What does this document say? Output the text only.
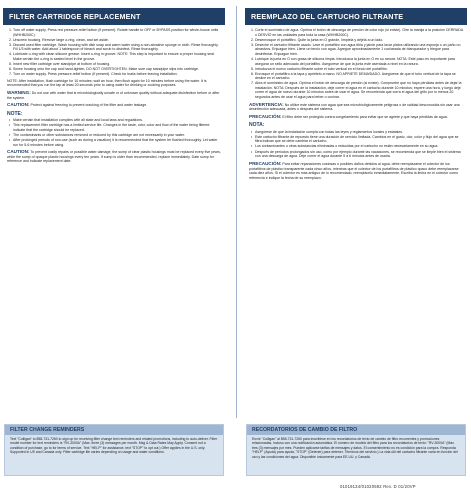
FILTER CARTRIDGE REPLACEMENT
1. Turn off water supply. Press red pressure-relief button (if present). Rotate handle to OFF or BYPASS position for whole-house units (WHHB200C).
2. Unscrew housing. Remove large o-ring, clean, and set aside.
3. Discard used filter cartridge. Wash housing with dish soap and warm water using a non-abrasive sponge or cloth. Rinse thoroughly. Fill 1/3 with water. Add about 1 tablespoon of bleach and scrub to disinfect. Rinse thoroughly.
4. Lubricate o-ring with clean silicone grease. Insert o-ring in groove. NOTE: This step is important to ensure a proper housing seal. Make certain the o-ring is seated level in the groove.
5. Insert new filter cartridge over standpipe at bottom of housing.
6. Screw housing onto the cap and hand-tighten. DO NOT OVERTIGHTEN. Make sure cap standpipe slips into cartridge.
7. Turn on water supply. Press pressure-relief button (if present). Check for leaks before leaving installation.

NOTE: After installation, flush cartridge for 10 minutes; wait an hour, then flush again for 10 minutes before using the water. It is recommended that you run the tap at least 20 seconds prior to using water for drinking or cooking purposes.

WARNING: Do not use with water that is microbiologically unsafe or of unknown quality without adequate disinfection before or after the system.

CAUTION: Protect against freezing to prevent cracking of the filter and water leakage.

NOTE:
• Make certain that installation complies with all state and local laws and regulations.
• This replacement filter cartridge has a limited service life. Changes in the taste, odor, color and flow of the water being filtered indicate that the cartridge should be replaced.
• The contaminants or other substances removed or reduced by this cartridge are not necessarily in your water.
• After prolonged periods of non-use (such as during a vacation) it is recommended that the system be flushed thoroughly. Let water run for 5-6 minutes before using.

CAUTION: To prevent costly repairs or possible water damage, the sump of clear plastic housings must be replaced every five years, while the sump of opaque plastic housings every ten years. If sump is older than recommended, replace immediately. Date sump for reference and indicate replacement date.

REEMPLAZO DEL CARTUCHO FILTRANTE
1. Corte el suministro de agua. Oprima el botón de descarga de presión de color rojo (si existe). Gire la manija a la posición CERRADA o DESVÍO en las unidades para toda la casa (WHHB200C).
2. Desenrosque el portafiltro. Quite la junta en O grande, límpiela y déjela a un lado.
3. Deseche el cartucho filtrante usado. Lave el portafiltro con agua tibia y jabón para lavar platos utilizando una esponja o un paño no abrasivos. Enjuague bien. Llene un tercio con agua. Agregue aproximadamente 1 cucharada de blanqueador y friegue para desinfectar. Enjuague bien.
4. Lubrique la junta en O con grasa de silicona limpia. Introduzca la junta en O en su ranura. NOTA: Este paso es importante para asegurar un sello adecuado del portafiltro. Asegúrese de que la junta esté asentada a nivel en la ranura.
5. Introduzca el nuevo cartucho filtrante sobre el tubo vertical en el fondo del portafiltro.
6. Enrosque el portafiltro a la tapa y apriételo a mano. NO APRIETE DEMASIADO. Asegúrese de que el tubo vertical de la tapa se deslice en el cartucho.
7. Abra el suministro de agua. Oprima el botón de descarga de presión (si existe). Compruebe que no haya pérdidas antes de dejar la instalación. NOTA: Después de la instalación, deje correr el agua en el cartucho durante 10 minutos; espere una hora, y luego deje correr el agua de nuevo durante 10 minutos antes de usar el agua. Se recomienda que corra el agua del grifo por lo menos 20 segundos antes de usar el agua para beber o cocinar.

ADVERTENCIA: No utilice este sistema con agua que sea microbiológicamente peligrosa o de calidad desconocida sin usar una desinfección adecuada, antes o después del sistema.

PRECAUCIÓN: El filtro debe ser protegido contra congelamiento para evitar que se agriete y que haya pérdidas de agua.

NOTA:
• Asegúrese de que la instalación cumpla con todas las leyes y reglamentos locales y estatales.
• Este cartucho filtrante de repuesto tiene una duración de servicio limitada. Cambios en el gusto, olor, color y flujo del agua que se filtra indican que se debe cambiar el cartucho.
• Los contaminantes u otras substancias eliminadas o reducidas por el cartucho no están necesariamente en su agua.
• Después de períodos prolongados sin uso, como por ejemplo durante las vacaciones, se recomienda que se limpie bien el sistema con una descarga de agua. Deje correr el agua durante 5 a 6 minutos antes de usarla.

PRECAUCIÓN: Para evitar reparaciones costosas o posibles daños debidos al agua, debe reemplazarse el colector de los portafiltros de plástico transparente cada cinco años, mientras que el colector de los portafiltros de plástico opaco debe reemplazarse cada diez años. Si el colector es más antiguo de lo recomendado, reemplácelo inmediatamente. Escriba la fecha en el colector como referencia e indique la fecha de su reemplazo.

FILTER CHANGE REMINDERS
Text "Culligan" to 858-731-7260 to sign up for receiving filter change text reminders and related promotions, including to auto-deliver. Filter model number for text reminders is "RV-3000A" (Max. three (3) messages per month. Msg & Data Rates May Apply. Consent not a condition of purchase, go to for terms of service. Text "HELP" for assistance, text "STOP" to opt out.) Offer applies in the U.S. only. Supported in US and Canada only. Filter cartridge life varies depending on usage and water conditions.
RECORDATORIOS DE CAMBIO DE FILTRO
Envíe "Culligan" al 858-731-7260 para inscribirse en los recordatorios de texto de cambio de filtro recurrentes y promociones relacionadas, incluso con una notificación automática. El número de modelo del filtro para los recordatorios de texto: "RV-3000A" (Max. tres (3) mensajes por mes. Pueden aplicarse tarifas de mensajes y datos. El consentimiento no es condición para la compra. Responda "HELP" (Ayuda) para ayuda, "STOP" (Detener) para detener. Términos del servicio.) La vida útil del cartucho filtrante varía en función del uso y las condiciones del agua. Disponible únicamente para EE.UU. y Canadá.
01019134/01020592 Rev. D 01/20VP
